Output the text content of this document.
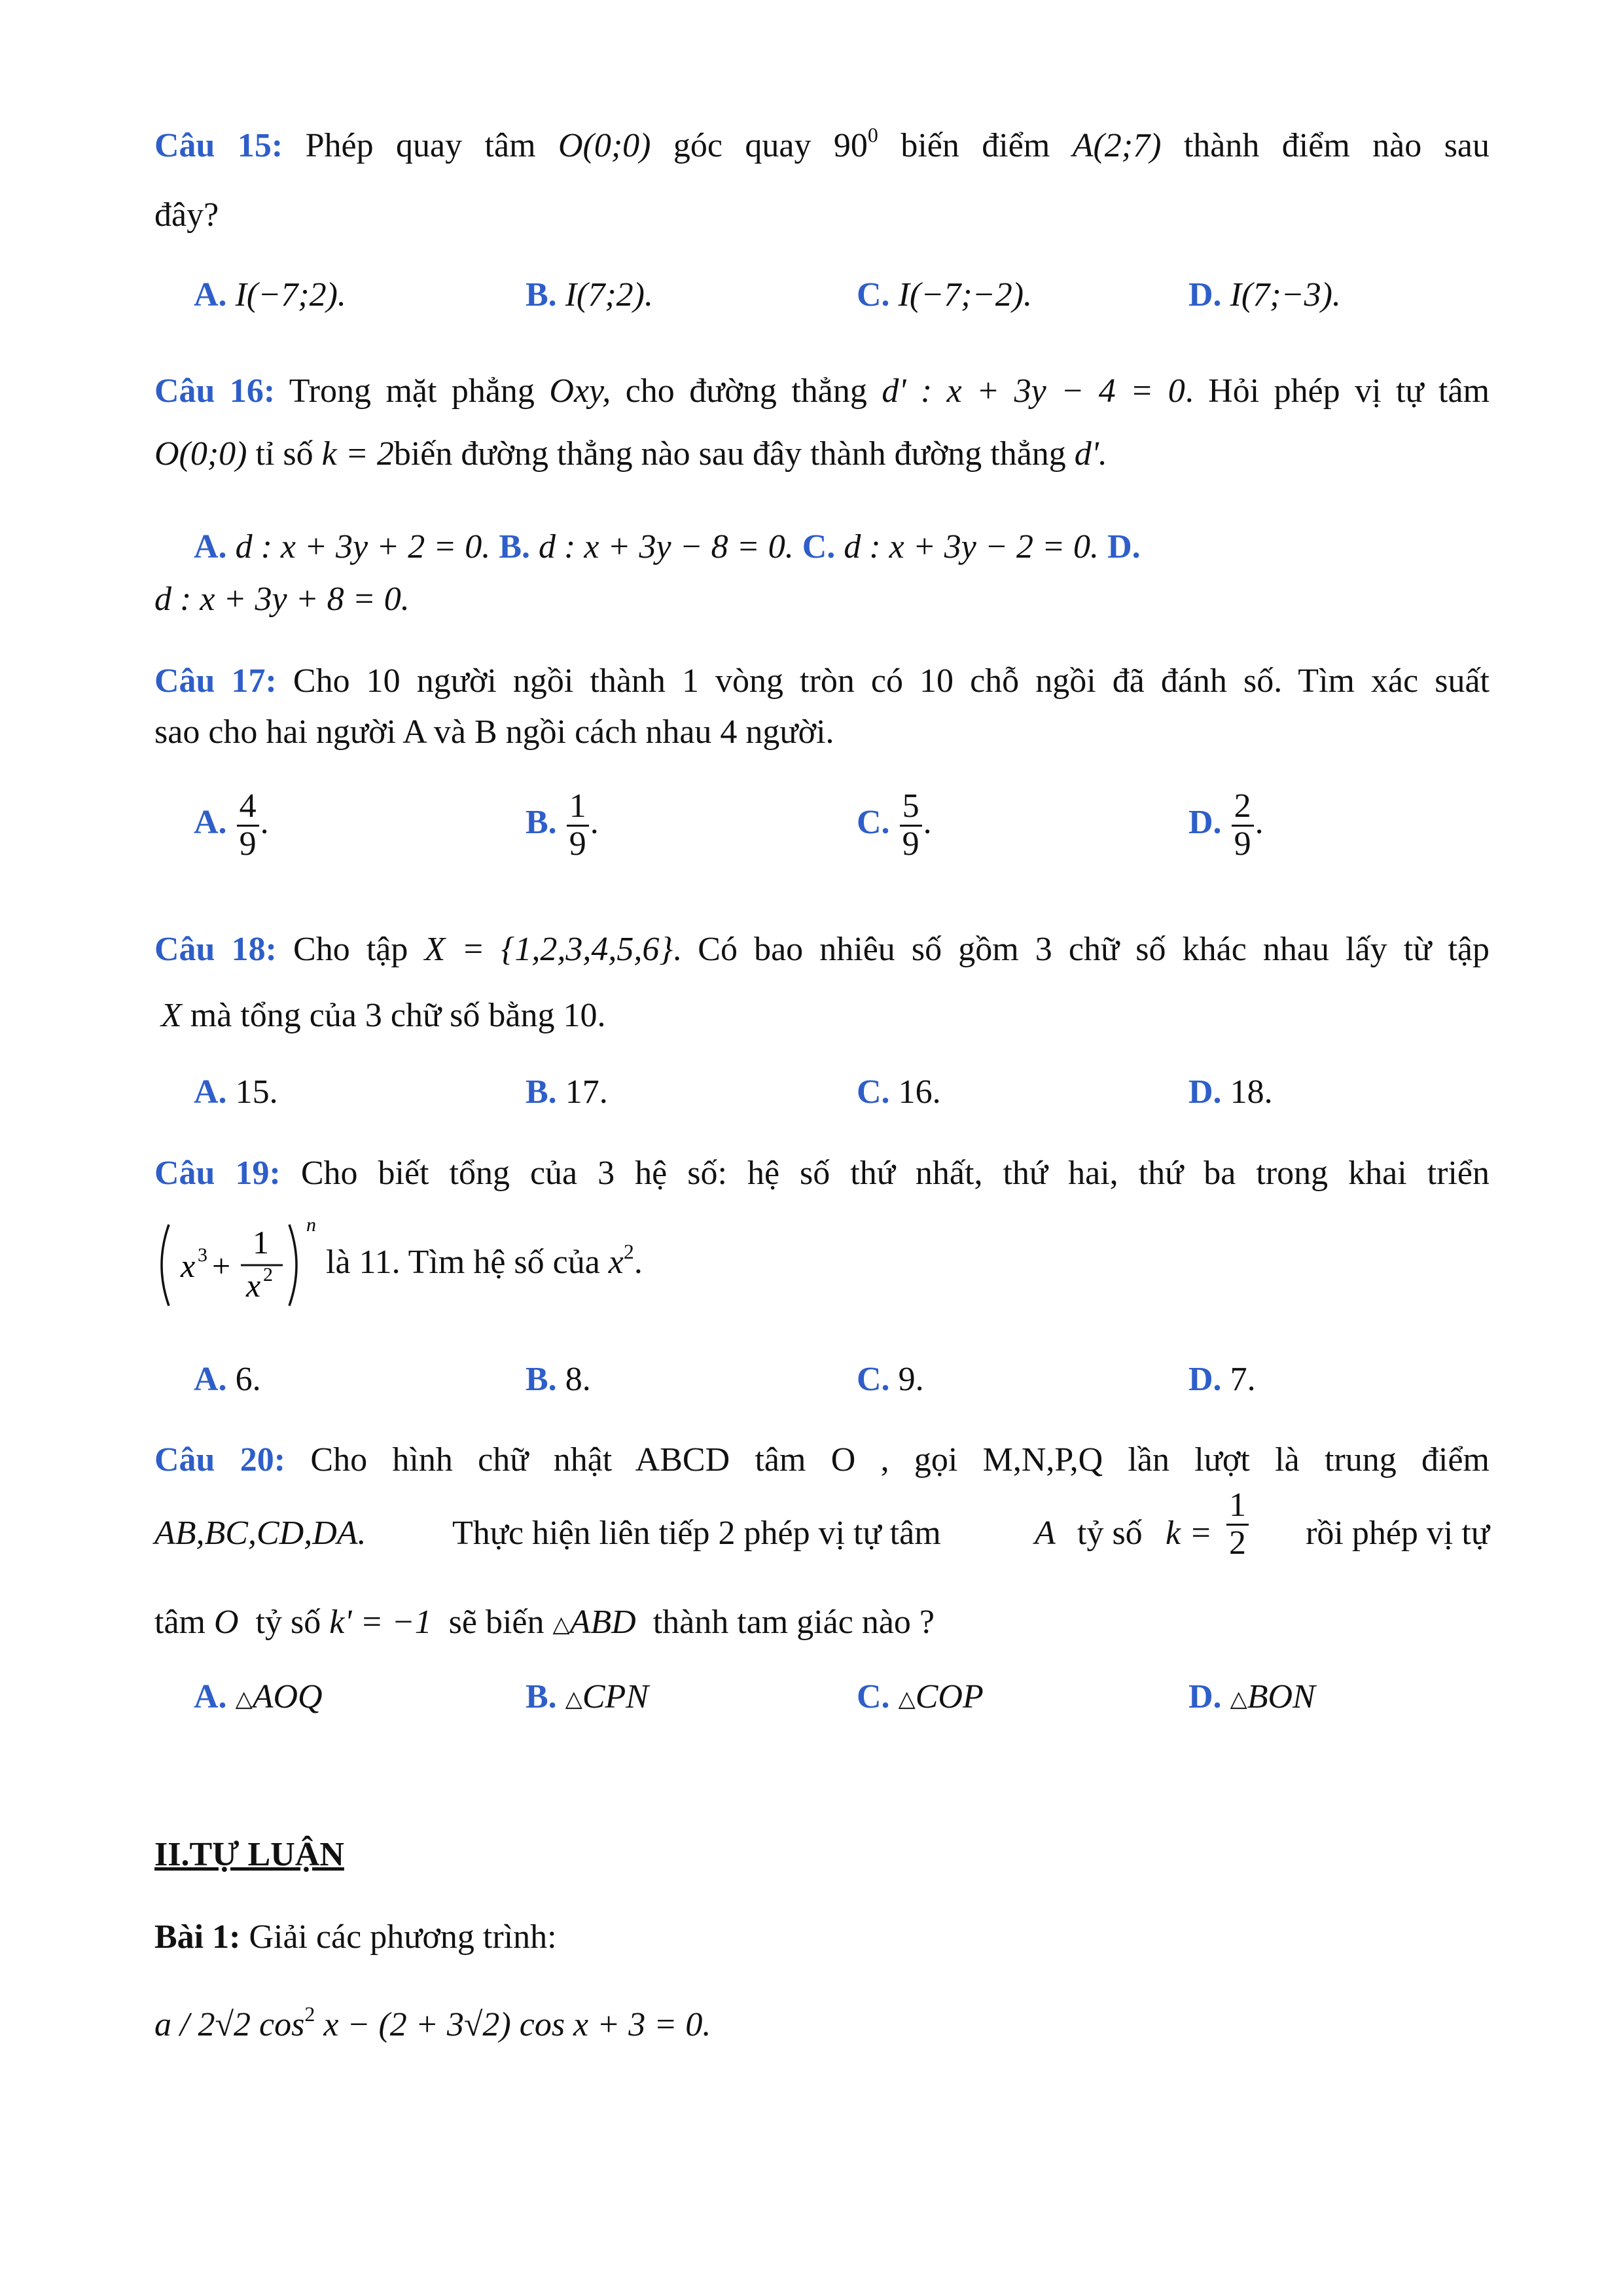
Câu 15: Phép quay tâm O(0;0) góc quay $90^0$ biến điểm A(2;7) thành điểm nào sau
đây?
A. I(−7;2).	B. I(7;2).	C. I(−7;−2).	D. I(7;−3).
Câu 16: Trong mặt phẳng Oxy, cho đường thẳng d' : x + 3y − 4 = 0. Hỏi phép vị tự tâm
O(0;0) tỉ số k = 2biến đường thẳng nào sau đây thành đường thẳng d'.
A. d : x + 3y + 2 = 0. B. d : x + 3y − 8 = 0. C. d : x + 3y − 2 = 0. D.
d : x + 3y + 8 = 0.
Câu 17: Cho 10 người ngồi thành 1 vòng tròn có 10 chỗ ngồi đã đánh số. Tìm xác suất
sao cho hai người A và B ngồi cách nhau 4 người.
A. $\frac{4}{9}$ .	B. $\frac{1}{9}$ .	C. $\frac{5}{9}$ .	D. $\frac{2}{9}$ .
Câu 18: Cho tập X = {1,2,3,4,5,6}. Có bao nhiêu số gồm 3 chữ số khác nhau lấy từ tập
X mà tổng của 3 chữ số bằng 10.
A. 15.	B. 17.	C. 16.	D. 18.
Câu 19: Cho biết tổng của 3 hệ số: hệ số thứ nhất, thứ hai, thứ ba trong khai triển
x 3 +
1
x 2
n
là 11. Tìm hệ số của $x^2$.
A. 6.	B. 8.	C. 9.	D. 7.
Câu 20: Cho hình chữ nhật ABCD tâm O , gọi M,N,P,Q lần lượt là trung điểm
AB,BC,CD,DA.	Thực hiện liên tiếp 2 phép vị tự tâm	A tỷ số $k = \frac{1}{2}$ rồi phép vị tự
tâm O tỷ số k' = −1 sẽ biến △ABD thành tam giác nào ?
A. △AOQ	B. △CPN	C. △COP	D. △BON
II.TỰ LUẬN
Bài 1: Giải các phương trình:
a / 2√2 $\cos^2 x - (2 + 3√2)$ cos x + 3 = 0.
